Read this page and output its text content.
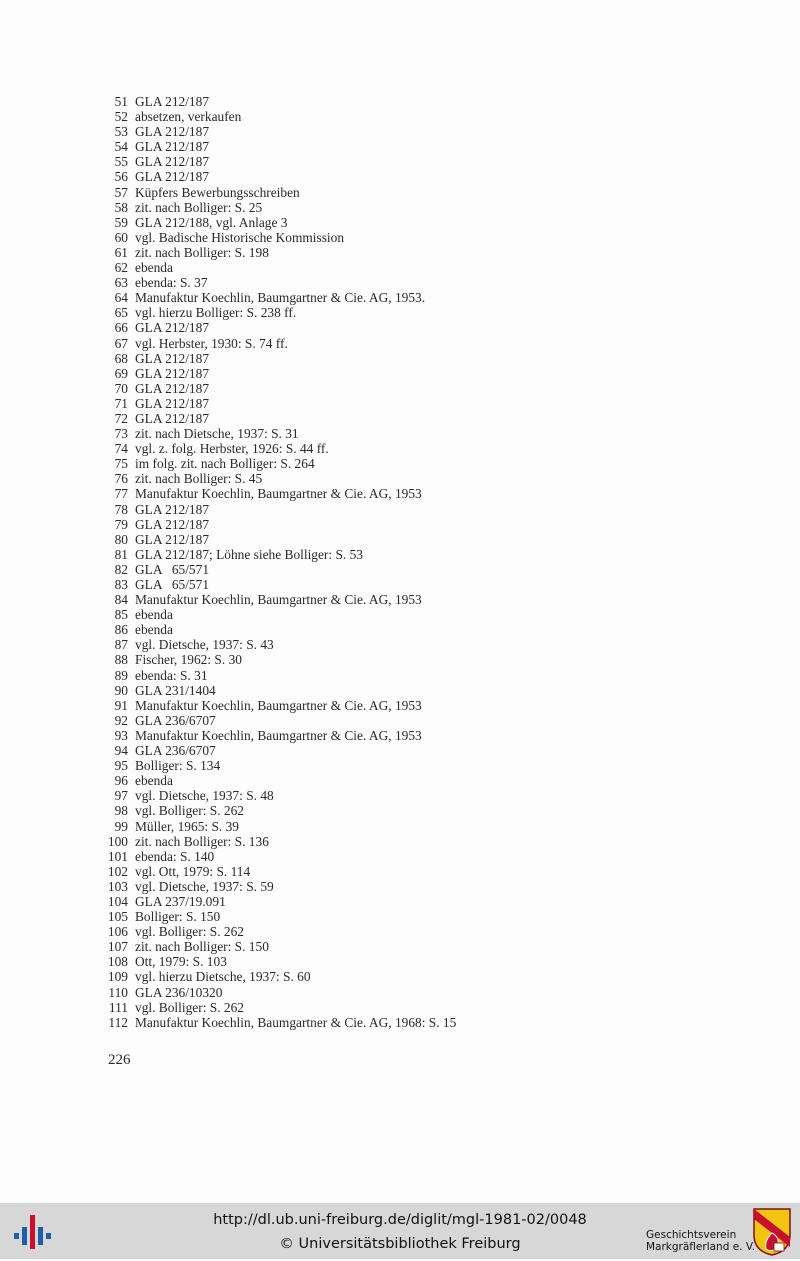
51 GLA 212/187
52 absetzen, verkaufen
53 GLA 212/187
54 GLA 212/187
55 GLA 212/187
56 GLA 212/187
57 Küpfers Bewerbungsschreiben
58 zit. nach Bolliger: S. 25
59 GLA 212/188, vgl. Anlage 3
60 vgl. Badische Historische Kommission
61 zit. nach Bolliger: S. 198
62 ebenda
63 ebenda: S. 37
64 Manufaktur Koechlin, Baumgartner & Cie. AG, 1953.
65 vgl. hierzu Bolliger: S. 238 ff.
66 GLA 212/187
67 vgl. Herbster, 1930: S. 74 ff.
68 GLA 212/187
69 GLA 212/187
70 GLA 212/187
71 GLA 212/187
72 GLA 212/187
73 zit. nach Dietsche, 1937: S. 31
74 vgl. z. folg. Herbster, 1926: S. 44 ff.
75 im folg. zit. nach Bolliger: S. 264
76 zit. nach Bolliger: S. 45
77 Manufaktur Koechlin, Baumgartner & Cie. AG, 1953
78 GLA 212/187
79 GLA 212/187
80 GLA 212/187
81 GLA 212/187; Löhne siehe Bolliger: S. 53
82 GLA   65/571
83 GLA   65/571
84 Manufaktur Koechlin, Baumgartner & Cie. AG, 1953
85 ebenda
86 ebenda
87 vgl. Dietsche, 1937: S. 43
88 Fischer, 1962: S. 30
89 ebenda: S. 31
90 GLA 231/1404
91 Manufaktur Koechlin, Baumgartner & Cie. AG, 1953
92 GLA 236/6707
93 Manufaktur Koechlin, Baumgartner & Cie. AG, 1953
94 GLA 236/6707
95 Bolliger: S. 134
96 ebenda
97 vgl. Dietsche, 1937: S. 48
98 vgl. Bolliger: S. 262
99 Müller, 1965: S. 39
100 zit. nach Bolliger: S. 136
101 ebenda: S. 140
102 vgl. Ott, 1979: S. 114
103 vgl. Dietsche, 1937: S. 59
104 GLA 237/19.091
105 Bolliger: S. 150
106 vgl. Bolliger: S. 262
107 zit. nach Bolliger: S. 150
108 Ott, 1979: S. 103
109 vgl. hierzu Dietsche, 1937: S. 60
110 GLA 236/10320
111 vgl. Bolliger: S. 262
112 Manufaktur Koechlin, Baumgartner & Cie. AG, 1968: S. 15
226
http://dl.ub.uni-freiburg.de/diglit/mgl-1981-02/0048
© Universitätsbibliothek Freiburg
Geschichtsverein
Markgräflerland e. V.
